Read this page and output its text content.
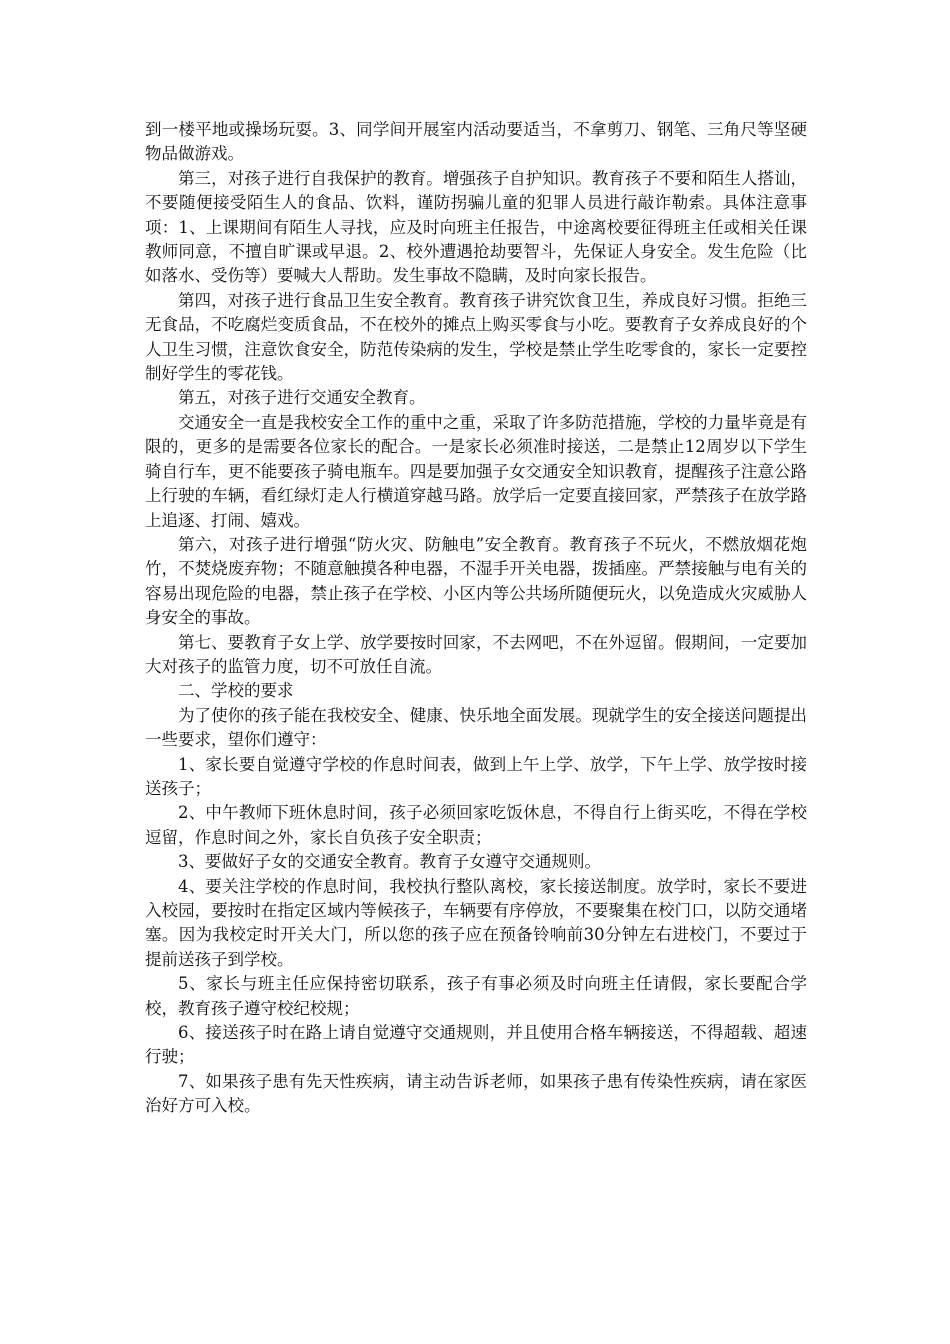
到一楼平地或操场玩耍。3、同学间开展室内活动要适当，不拿剪刀、钢笔、三角尺等坚硬物品做游戏。

第三，对孩子进行自我保护的教育。增强孩子自护知识。教育孩子不要和陌生人搭讪，不要随便接受陌生人的食品、饮料，谨防拐骗儿童的犯罪人员进行敲诈勒索。具体注意事项：1、上课期间有陌生人寻找，应及时向班主任报告，中途离校要征得班主任或相关任课教师同意，不擅自旷课或早退。2、校外遭遇抢劫要智斗，先保证人身安全。发生危险（比如落水、受伤等）要喊大人帮助。发生事故不隐瞒，及时向家长报告。

第四，对孩子进行食品卫生安全教育。教育孩子讲究饮食卫生，养成良好习惯。拒绝三无食品，不吃腐烂变质食品，不在校外的摊点上购买零食与小吃。要教育子女养成良好的个人卫生习惯，注意饮食安全，防范传染病的发生，学校是禁止学生吃零食的，家长一定要控制好学生的零花钱。

第五，对孩子进行交通安全教育。

交通安全一直是我校安全工作的重中之重，采取了许多防范措施，学校的力量毕竟是有限的，更多的是需要各位家长的配合。一是家长必须准时接送，二是禁止12周岁以下学生骑自行车，更不能要孩子骑电瓶车。四是要加强子女交通安全知识教育，提醒孩子注意公路上行驶的车辆，看红绿灯走人行横道穿越马路。放学后一定要直接回家，严禁孩子在放学路上追逐、打闹、嬉戏。

第六，对孩子进行增强“防火灾、防触电”安全教育。教育孩子不玩火，不燃放烟花炮竹，不焚烧废弃物；不随意触摸各种电器，不湿手开关电器，拨插座。严禁接触与电有关的容易出现危险的电器，禁止孩子在学校、小区内等公共场所随便玩火，以免造成火灾威胁人身安全的事故。

第七、要教育子女上学、放学要按时回家，不去网吧，不在外逗留。假期间，一定要加大对孩子的监管力度，切不可放任自流。

二、学校的要求

为了使你的孩子能在我校安全、健康、快乐地全面发展。现就学生的安全接送问题提出一些要求，望你们遵守：

1、家长要自觉遵守学校的作息时间表，做到上午上学、放学，下午上学、放学按时接送孩子；

2、中午教师下班休息时间，孩子必须回家吃饭休息，不得自行上街买吃，不得在学校逗留，作息时间之外，家长自负孩子安全职责；

3、要做好子女的交通安全教育。教育子女遵守交通规则。

4、要关注学校的作息时间，我校执行整队离校，家长接送制度。放学时，家长不要进入校园，要按时在指定区域内等候孩子，车辆要有序停放，不要聚集在校门口，以防交通堵塞。因为我校定时开关大门，所以您的孩子应在预备铃响前30分钟左右进校门，不要过于提前送孩子到学校。

5、家长与班主任应保持密切联系，孩子有事必须及时向班主任请假，家长要配合学校，教育孩子遵守校纪校规；

6、接送孩子时在路上请自觉遵守交通规则，并且使用合格车辆接送，不得超载、超速行驶；

7、如果孩子患有先天性疾病，请主动告诉老师，如果孩子患有传染性疾病，请在家医治好方可入校。
